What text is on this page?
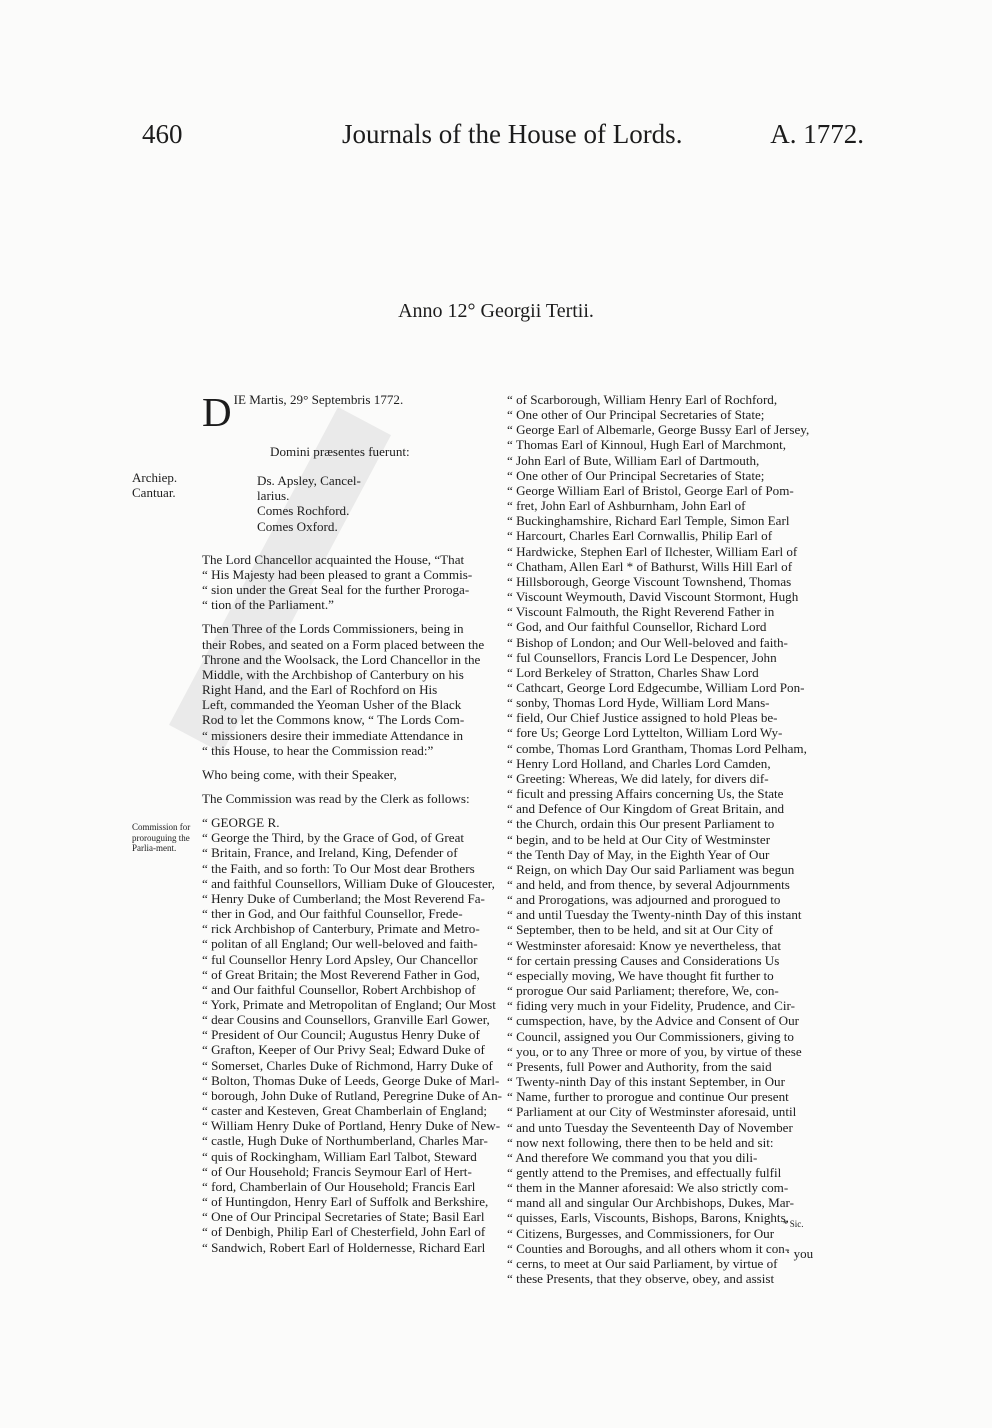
460	Journals of the House of Lords.	A. 1772.
Anno 12° Georgii Tertii.
Archiep. Cantuar.
Commission for prorouguing the Parlia-ment.

D IE Martis, 29° Septembris 1772.

Domini præsentes fuerunt:

Ds. Apsley, Cancel-
larius.
Comes Rochford.
Comes Oxford.

The Lord Chancellor acquainted the House, “That
“ His Majesty had been pleased to grant a Commis-
“ sion under the Great Seal for the further Proroga-
“ tion of the Parliament.”
Then Three of the Lords Commissioners, being in
their Robes, and seated on a Form placed between the
Throne and the Woolsack, the Lord Chancellor in the
Middle, with the Archbishop of Canterbury on his
Right Hand, and the Earl of Rochford on His
Left, commanded the Yeoman Usher of the Black
Rod to let the Commons know, “ The Lords Com-
“ missioners desire their immediate Attendance in
“ this House, to hear the Commission read:”
Who being come, with their Speaker,
The Commission was read by the Clerk as follows:
“ GEORGE R.
“ George the Third, by the Grace of God, of Great
“ Britain, France, and Ireland, King, Defender of
“ the Faith, and so forth: To Our Most dear Brothers
“ and faithful Counsellors, William Duke of Gloucester,
“ Henry Duke of Cumberland; the Most Reverend Fa-
“ ther in God, and Our faithful Counsellor, Frede-
“ rick Archbishop of Canterbury, Primate and Metro-
“ politan of all England; Our well-beloved and faith-
“ ful Counsellor Henry Lord Apsley, Our Chancellor
“ of Great Britain; the Most Reverend Father in God,
“ and Our faithful Counsellor, Robert Archbishop of
“ York, Primate and Metropolitan of England; Our Most
“ dear Cousins and Counsellors, Granville Earl Gower,
“ President of Our Council; Augustus Henry Duke of
“ Grafton, Keeper of Our Privy Seal; Edward Duke of
“ Somerset, Charles Duke of Richmond, Harry Duke of
“ Bolton, Thomas Duke of Leeds, George Duke of Marl-
“ borough, John Duke of Rutland, Peregrine Duke of An-
“ caster and Kesteven, Great Chamberlain of England;
“ William Henry Duke of Portland, Henry Duke of New-
“ castle, Hugh Duke of Northumberland, Charles Mar-
“ quis of Rockingham, William Earl Talbot, Steward
“ of Our Household; Francis Seymour Earl of Hert-
“ ford, Chamberlain of Our Household; Francis Earl
“ of Huntingdon, Henry Earl of Suffolk and Berkshire,
“ One of Our Principal Secretaries of State; Basil Earl
“ of Denbigh, Philip Earl of Chesterfield, John Earl of
“ Sandwich, Robert Earl of Holdernesse, Richard Earl
“ of Scarborough, William Henry Earl of Rochford,
“ One other of Our Principal Secretaries of State;
“ George Earl of Albemarle, George Bussy Earl of Jersey,
“ Thomas Earl of Kinnoul, Hugh Earl of Marchmont,
“ John Earl of Bute, William Earl of Dartmouth,
“ One other of Our Principal Secretaries of State;
“ George William Earl of Bristol, George Earl of Pom-
“ fret, John Earl of Ashburnham, John Earl of
“ Buckinghamshire, Richard Earl Temple, Simon Earl
“ Harcourt, Charles Earl Cornwallis, Philip Earl of
“ Hardwicke, Stephen Earl of Ilchester, William Earl of
“ Chatham, Allen Earl * of Bathurst, Wills Hill Earl of
“ Hillsborough, George Viscount Townshend, Thomas
“ Viscount Weymouth, David Viscount Stormont, Hugh
“ Viscount Falmouth, the Right Reverend Father in
“ God, and Our faithful Counsellor, Richard Lord
“ Bishop of London; and Our Well-beloved and faith-
“ ful Counsellors, Francis Lord Le Despencer, John
“ Lord Berkeley of Stratton, Charles Shaw Lord
“ Cathcart, George Lord Edgecumbe, William Lord Pon-
“ sonby, Thomas Lord Hyde, William Lord Mans-
“ field, Our Chief Justice assigned to hold Pleas be-
“ fore Us; George Lord Lyttelton, William Lord Wy-
“ combe, Thomas Lord Grantham, Thomas Lord Pelham,
“ Henry Lord Holland, and Charles Lord Camden,
“ Greeting: Whereas, We did lately, for divers dif-
“ ficult and pressing Affairs concerning Us, the State
“ and Defence of Our Kingdom of Great Britain, and
“ the Church, ordain this Our present Parliament to
“ begin, and to be held at Our City of Westminster
“ the Tenth Day of May, in the Eighth Year of Our
“ Reign, on which Day Our said Parliament was begun
“ and held, and from thence, by several Adjournments
“ and Prorogations, was adjourned and prorogued to
“ and until Tuesday the Twenty-ninth Day of this instant
“ September, then to be held, and sit at Our City of
“ Westminster aforesaid: Know ye nevertheless, that
“ for certain pressing Causes and Considerations Us
“ especially moving, We have thought fit further to
“ prorogue Our said Parliament; therefore, We, con-
“ fiding very much in your Fidelity, Prudence, and Cir-
“ cumspection, have, by the Advice and Consent of Our
“ Council, assigned you Our Commissioners, giving to
“ you, or to any Three or more of you, by virtue of these
“ Presents, full Power and Authority, from the said
“ Twenty-ninth Day of this instant September, in Our
“ Name, further to prorogue and continue Our present
“ Parliament at our City of Westminster aforesaid, until
“ and unto Tuesday the Seventeenth Day of November
“ now next following, there then to be held and sit:
“ And therefore We command you that you dili-
“ gently attend to the Premises, and effectually fulfil
“ them in the Manner aforesaid: We also strictly com-
“ mand all and singular Our Archbishops, Dukes, Mar-
“ quisses, Earls, Viscounts, Bishops, Barons, Knights,
“ Citizens, Burgesses, and Commissioners, for Our
“ Counties and Boroughs, and all others whom it con-
“ cerns, to meet at Our said Parliament, by virtue of
“ these Presents, that they observe, obey, and assist
* Sic.
‘ you
